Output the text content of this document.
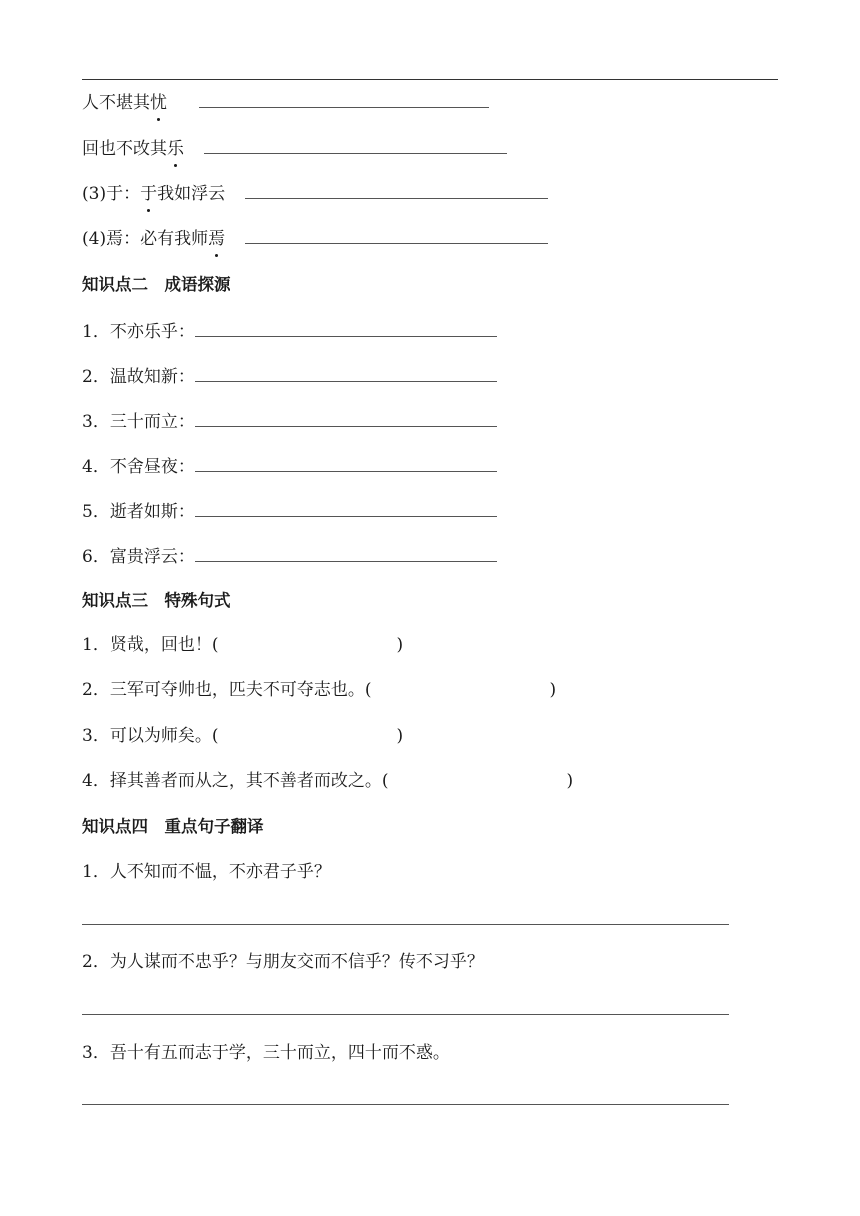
人不堪其忧
回也不改其乐
(3)于：于我如浮云
(4)焉：必有我师焉
知识点二　成语探源
1．不亦乐乎：
2．温故知新：
3．三十而立：
4．不舍昼夜：
5．逝者如斯：
6．富贵浮云：
知识点三　特殊句式
1．贤哉，回也！(	)
2．三军可夺帅也，匹夫不可夺志也。(	)
3．可以为师矣。(	)
4．择其善者而从之，其不善者而改之。(	)
知识点四　重点句子翻译
1．人不知而不愠，不亦君子乎？
2．为人谋而不忠乎？与朋友交而不信乎？传不习乎？
3．吾十有五而志于学，三十而立，四十而不惑。
